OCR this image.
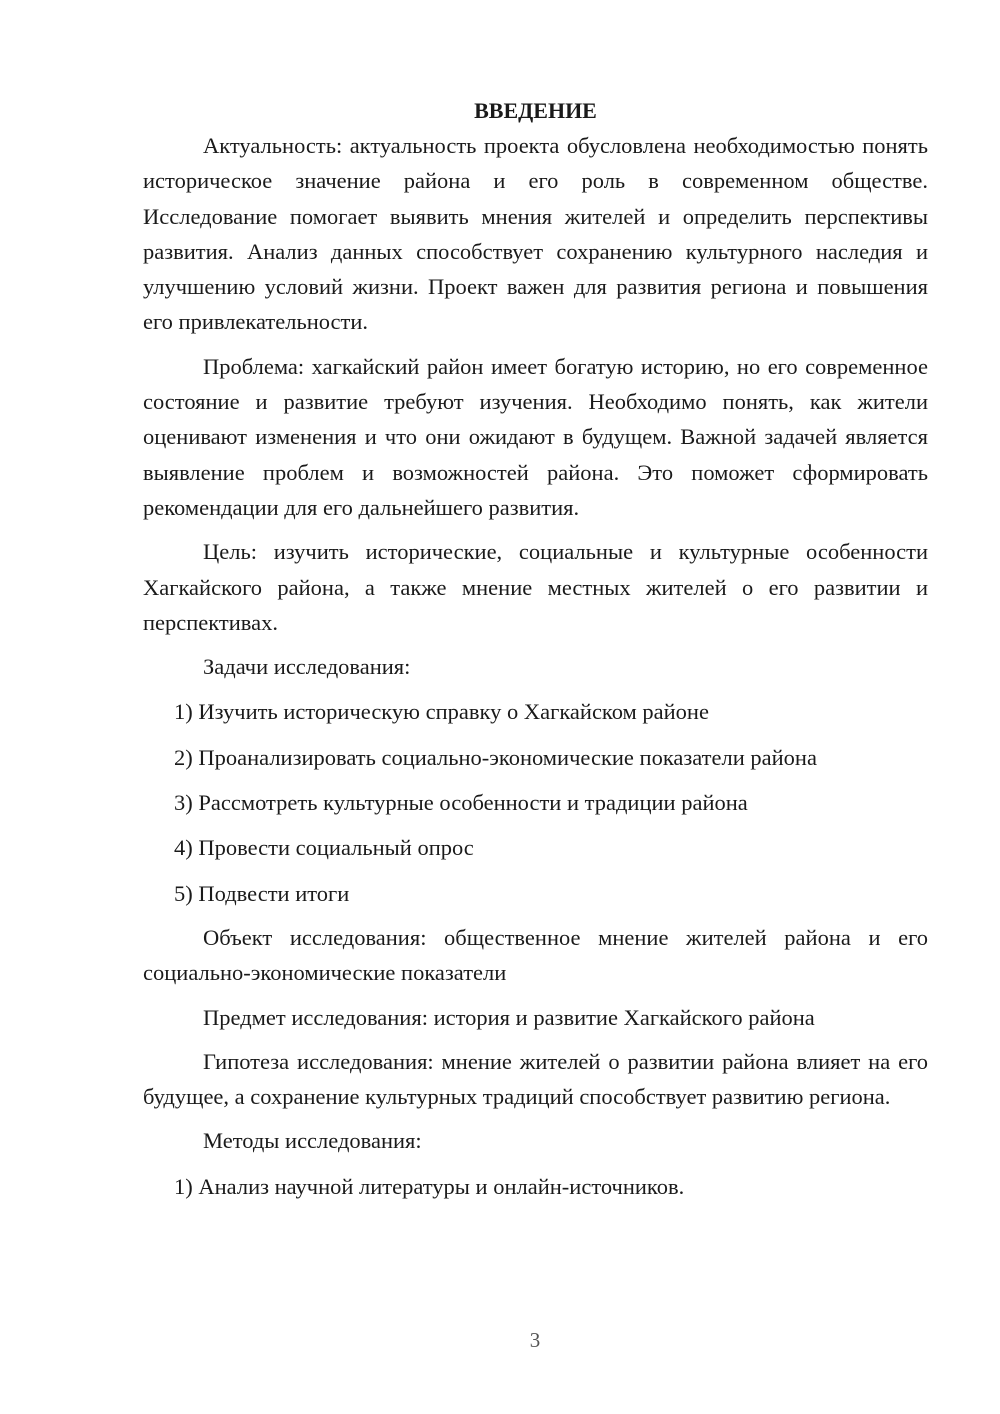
ВВЕДЕНИЕ

Актуальность: актуальность проекта обусловлена необходимостью понять историческое значение района и его роль в современном обществе. Исследование помогает выявить мнения жителей и определить перспективы развития. Анализ данных способствует сохранению культурного наследия и улучшению условий жизни. Проект важен для развития региона и повышения его привлекательности.

Проблема: хагкайский район имеет богатую историю, но его современное состояние и развитие требуют изучения. Необходимо понять, как жители оценивают изменения и что они ожидают в будущем. Важной задачей является выявление проблем и возможностей района. Это поможет сформировать рекомендации для его дальнейшего развития.

Цель: изучить исторические, социальные и культурные особенности Хагкайского района, а также мнение местных жителей о его развитии и перспективах.

Задачи исследования:

1) Изучить историческую справку о Хагкайском районе

2) Проанализировать социально-экономические показатели района

3) Рассмотреть культурные особенности и традиции района

4) Провести социальный опрос

5) Подвести итоги

Объект исследования: общественное мнение жителей района и его социально-экономические показатели

Предмет исследования: история и развитие Хагкайского района

Гипотеза исследования: мнение жителей о развитии района влияет на его будущее, а сохранение культурных традиций способствует развитию региона.

Методы исследования:

1) Анализ научной литературы и онлайн-источников.

3
